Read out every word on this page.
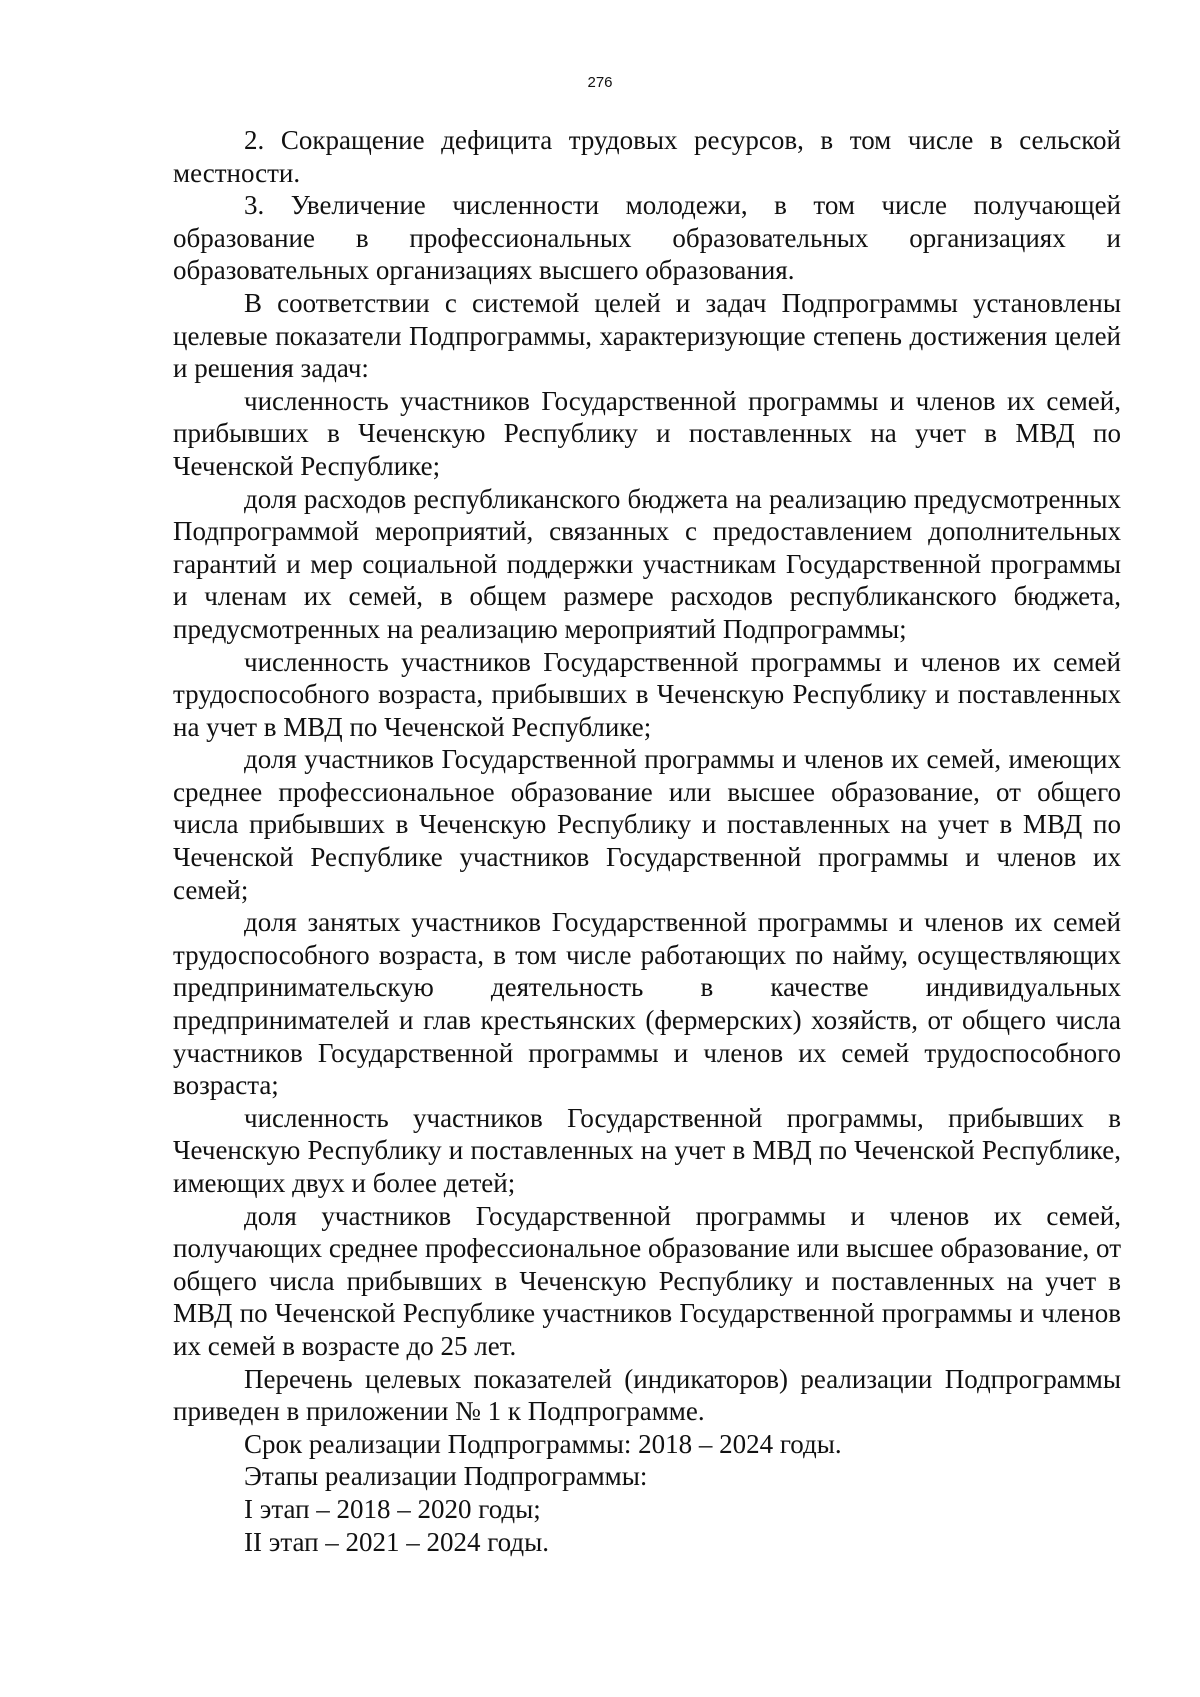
276

2. Сокращение дефицита трудовых ресурсов, в том числе в сельской местности.

3. Увеличение численности молодежи, в том числе получающей образование в профессиональных образовательных организациях и образовательных организациях высшего образования.

В соответствии с системой целей и задач Подпрограммы установлены целевые показатели Подпрограммы, характеризующие степень достижения целей и решения задач:

численность участников Государственной программы и членов их семей, прибывших в Чеченскую Республику и поставленных на учет в МВД по Чеченской Республике;

доля расходов республиканского бюджета на реализацию предусмотренных Подпрограммой мероприятий, связанных с предоставлением дополнительных гарантий и мер социальной поддержки участникам Государственной программы и членам их семей, в общем размере расходов республиканского бюджета, предусмотренных на реализацию мероприятий Подпрограммы;

численность участников Государственной программы и членов их семей трудоспособного возраста, прибывших в Чеченскую Республику и поставленных на учет в МВД по Чеченской Республике;

доля участников Государственной программы и членов их семей, имеющих среднее профессиональное образование или высшее образование, от общего числа прибывших в Чеченскую Республику и поставленных на учет в МВД по Чеченской Республике участников Государственной программы и членов их семей;

доля занятых участников Государственной программы и членов их семей трудоспособного возраста, в том числе работающих по найму, осуществляющих предпринимательскую деятельность в качестве индивидуальных предпринимателей и глав крестьянских (фермерских) хозяйств, от общего числа участников Государственной программы и членов их семей трудоспособного возраста;

численность участников Государственной программы, прибывших в Чеченскую Республику и поставленных на учет в МВД по Чеченской Республике, имеющих двух и более детей;

доля участников Государственной программы и членов их семей, получающих среднее профессиональное образование или высшее образование, от общего числа прибывших в Чеченскую Республику и поставленных на учет в МВД по Чеченской Республике участников Государственной программы и членов их семей в возрасте до 25 лет.

Перечень целевых показателей (индикаторов) реализации Подпрограммы приведен в приложении № 1 к Подпрограмме.

Срок реализации Подпрограммы: 2018 – 2024 годы.

Этапы реализации Подпрограммы:

I этап – 2018 – 2020 годы;

II этап – 2021 – 2024 годы.
